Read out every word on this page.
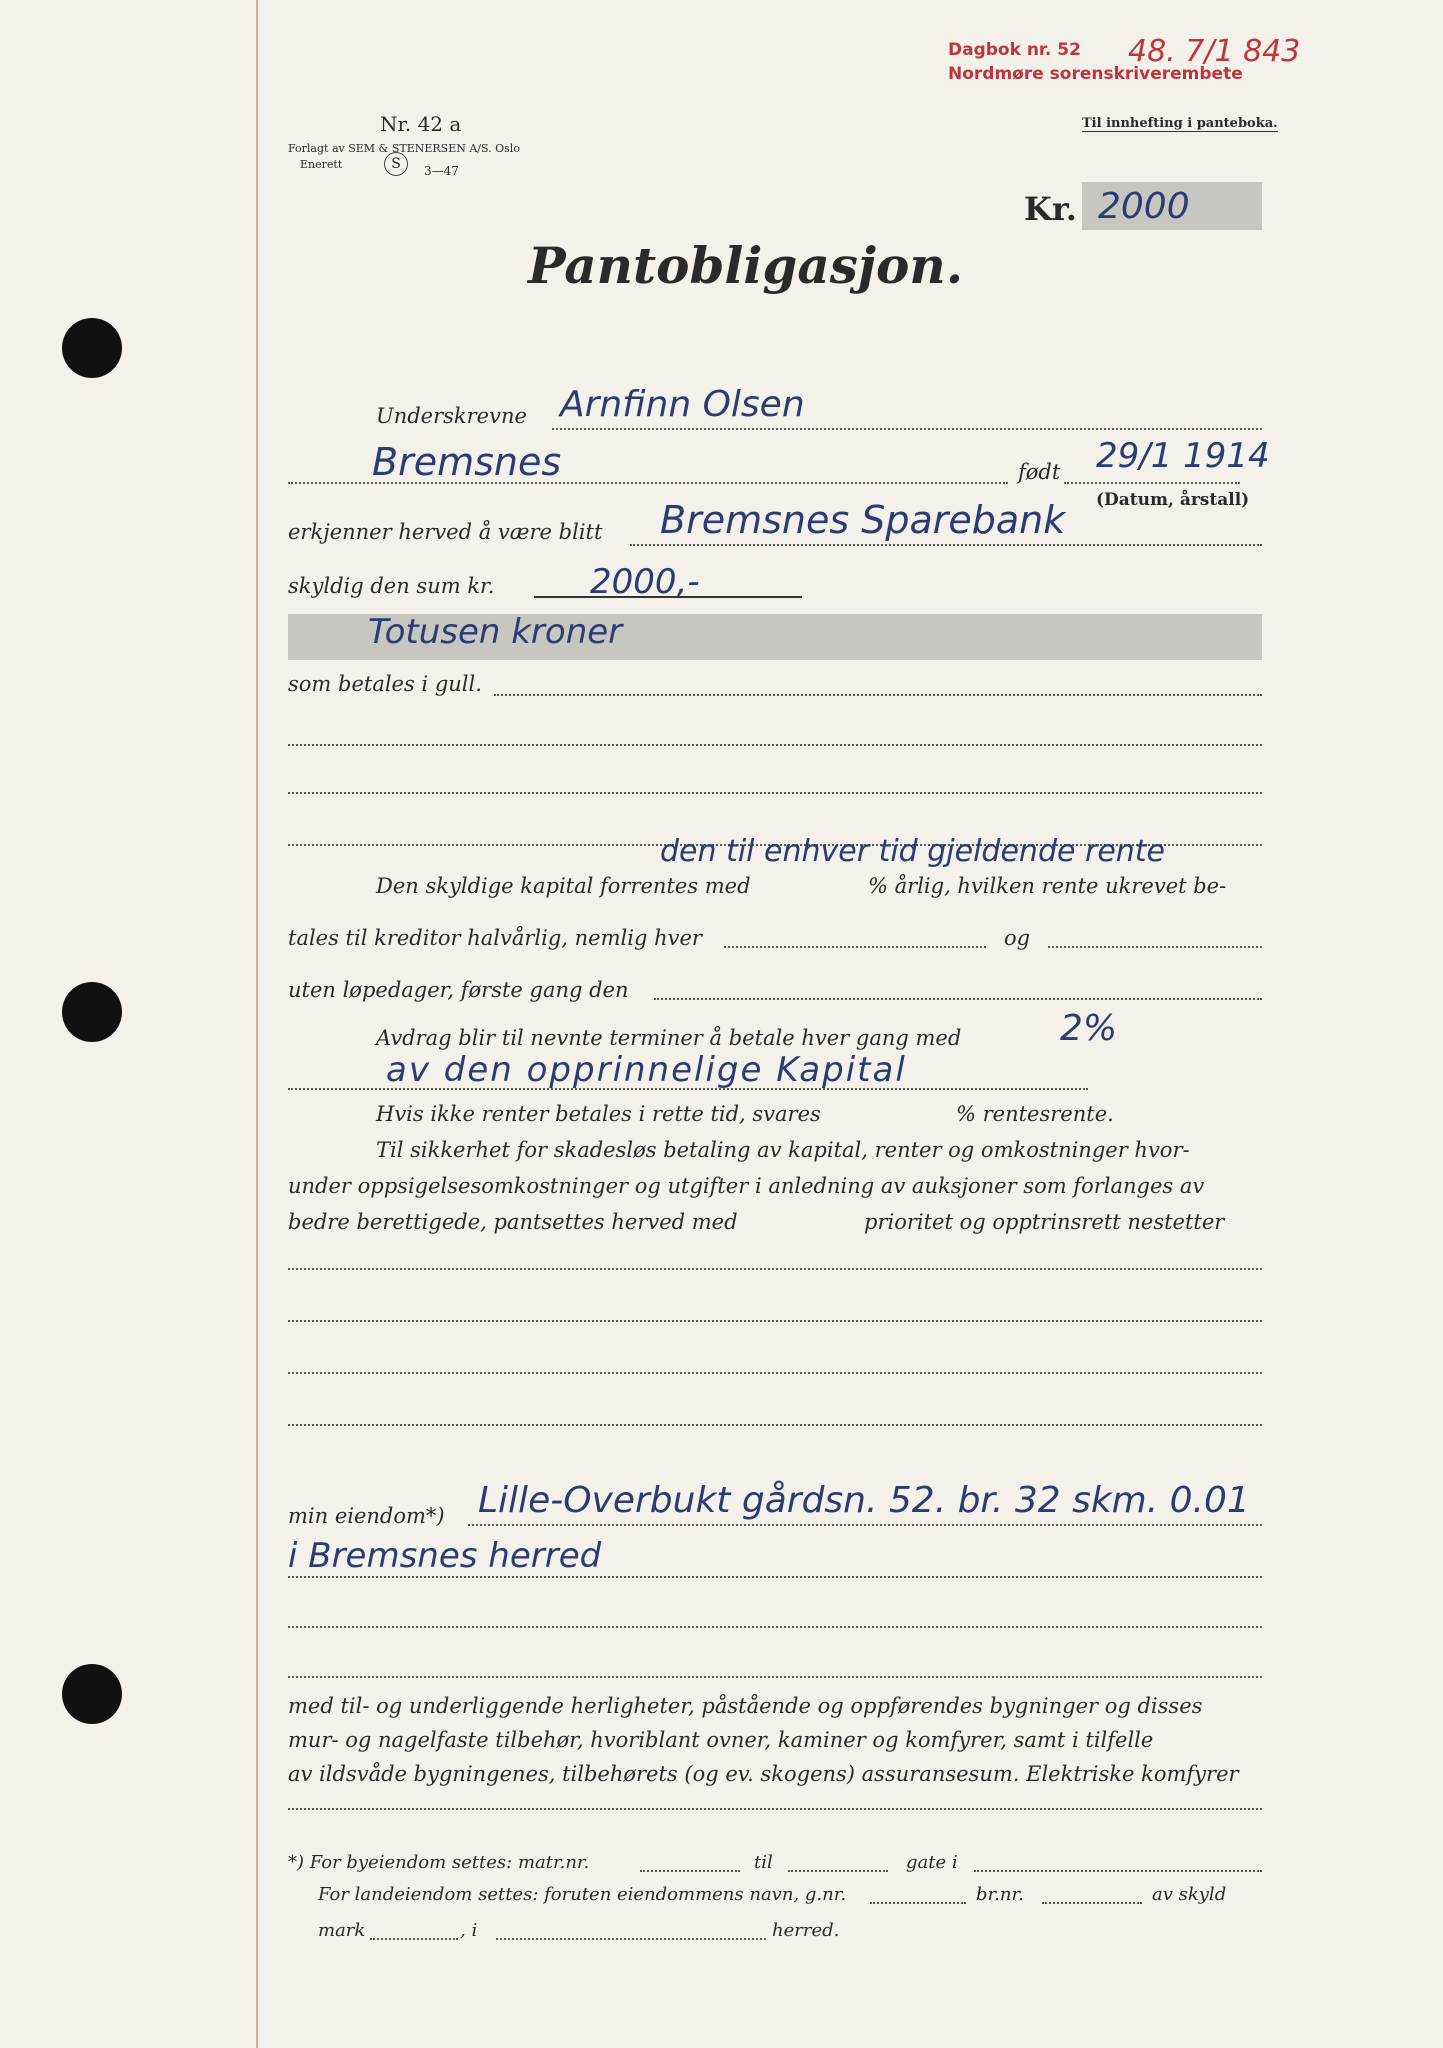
Dagbok nr. 52
Nordmøre sorenskriverembete
48. 7/1 843
Nr. 42 a
Forlagt av SEM & STENERSEN A/S. Oslo
Enerett	S	3—47
Til innhefting i panteboka.
Kr. 2000
Pantobligasjon.
Underskrevne Arnfinn Olsen
Bremsnes	født 29/1 1914
(Datum, årstall)
erkjenner herved å være blitt Bremsnes Sparebank
skyldig den sum kr.	2000,-
Totusen kroner
som betales i gull.
den til enhver tid gjeldende rente
Den skyldige kapital forrentes med	% årlig, hvilken rente ukrevet be-
tales til kreditor halvårlig, nemlig hver	og
uten løpedager, første gang den
Avdrag blir til nevnte terminer å betale hver gang med	2%
av den opprinnelige Kapital
Hvis ikke renter betales i rette tid, svares	% rentesrente.
Til sikkerhet for skadesløs betaling av kapital, renter og omkostninger hvor-
under oppsigelsesomkostninger og utgifter i anledning av auksjoner som forlanges av
bedre berettigede, pantsettes herved med	prioritet og opptrinsrett nestetter
min eiendom*) Lille-Overbukt gårdsn. 52. br. 32 skm. 0.01
i Bremsnes herred
med til- og underliggende herligheter, påstående og oppførendes bygninger og disses
mur- og nagelfaste tilbehør, hvoriblant ovner, kaminer og komfyrer, samt i tilfelle
av ildsvåde bygningenes, tilbehørets (og ev. skogens) assuransesum. Elektriske komfyrer
*) For byeiendom settes: matr.nr.	til	gate i
For landeiendom settes: foruten eiendommens navn, g.nr.	br.nr.	av skyld
mark	, i	herred.
